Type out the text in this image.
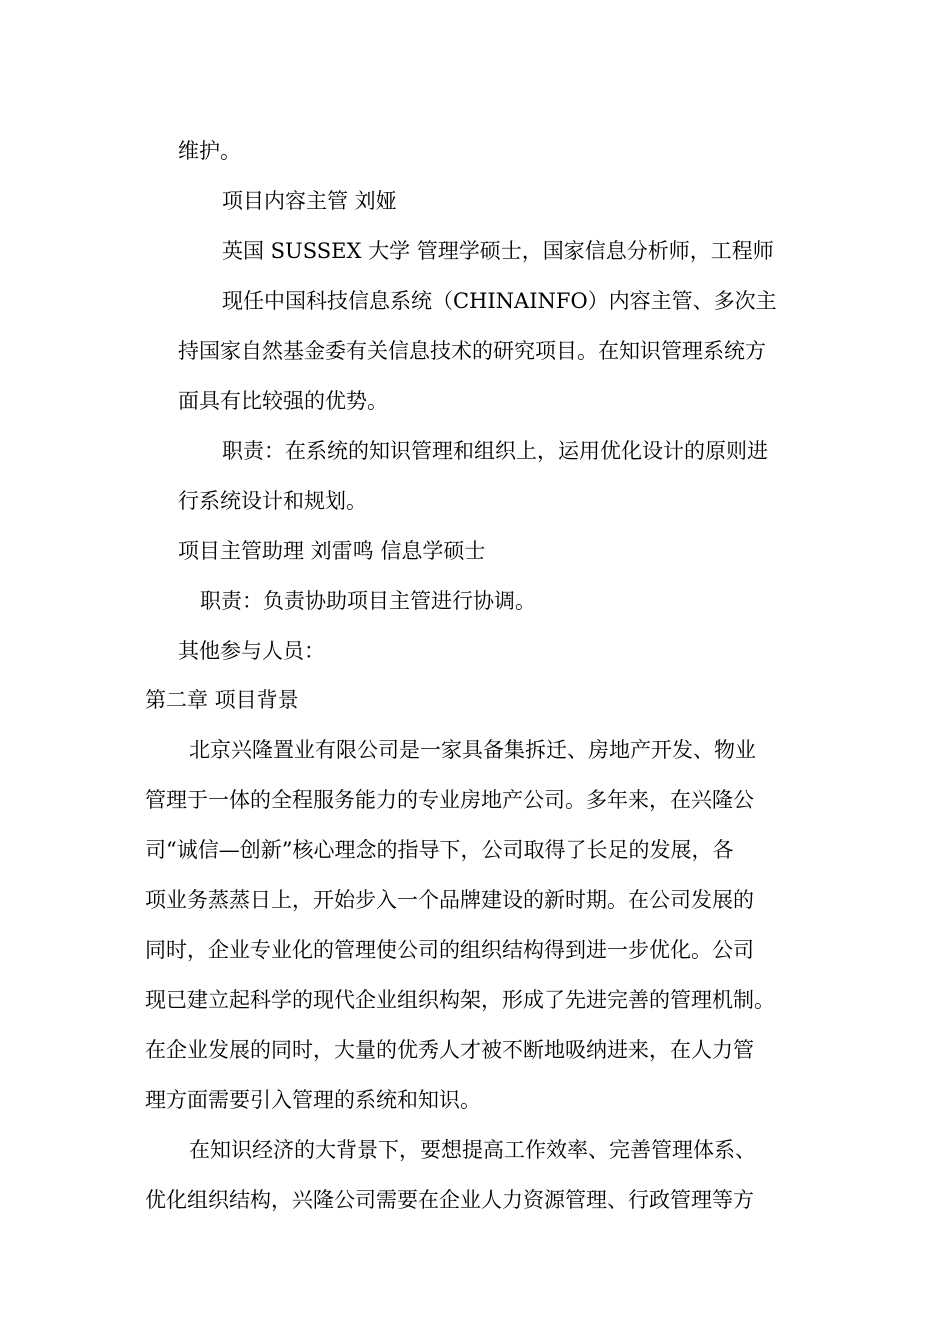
维护。
项目内容主管 刘娅
英国 SUSSEX 大学 管理学硕士，国家信息分析师，工程师
现任中国科技信息系统（CHINAINFO）内容主管、多次主
持国家自然基金委有关信息技术的研究项目。在知识管理系统方
面具有比较强的优势。
职责：在系统的知识管理和组织上，运用优化设计的原则进
行系统设计和规划。
项目主管助理 刘雷鸣 信息学硕士
职责：负责协助项目主管进行协调。
其他参与人员：
第二章 项目背景
北京兴隆置业有限公司是一家具备集拆迁、房地产开发、物业
管理于一体的全程服务能力的专业房地产公司。多年来，在兴隆公
司“诚信—创新”核心理念的指导下，公司取得了长足的发展，各
项业务蒸蒸日上，开始步入一个品牌建设的新时期。在公司发展的
同时，企业专业化的管理使公司的组织结构得到进一步优化。公司
现已建立起科学的现代企业组织构架，形成了先进完善的管理机制。
在企业发展的同时，大量的优秀人才被不断地吸纳进来，在人力管
理方面需要引入管理的系统和知识。
在知识经济的大背景下，要想提高工作效率、完善管理体系、
优化组织结构，兴隆公司需要在企业人力资源管理、行政管理等方
